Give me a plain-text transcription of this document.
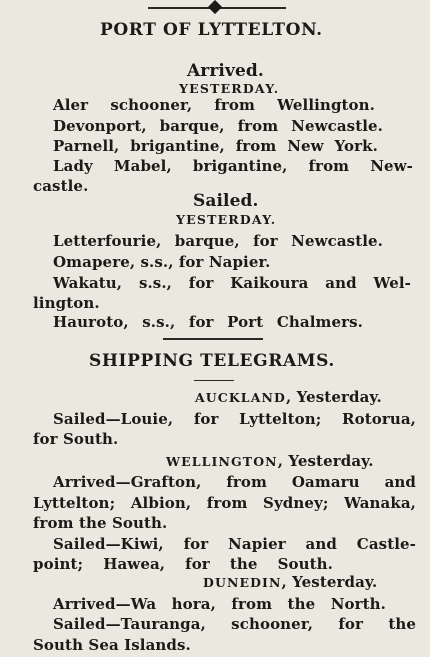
PORT OF LYTTELTON.
Arrived.
YESTERDAY.
Aler schooner, from Wellington.
Devonport, barque, from Newcastle.
Parnell, brigantine, from New York.
Lady Mabel, brigantine, from New-
castle.
Sailed.
YESTERDAY.
Letterfourie, barque, for Newcastle.
Omapere, s.s., for Napier.
Wakatu, s.s., for Kaikoura and Wel-
lington.
Hauroto, s.s., for Port Chalmers.
SHIPPING TELEGRAMS.
AUCKLAND, Yesterday.
Sailed—Louie, for Lyttelton; Rotorua,
for South.
WELLINGTON, Yesterday.
Arrived—Grafton, from Oamaru and
Lyttelton; Albion, from Sydney; Wanaka,
from the South.
Sailed—Kiwi, for Napier and Castle-
point; Hawea, for the South.
DUNEDIN, Yesterday.
Arrived—Wa hora, from the North.
Sailed—Tauranga, schooner, for the
South Sea Islands.
